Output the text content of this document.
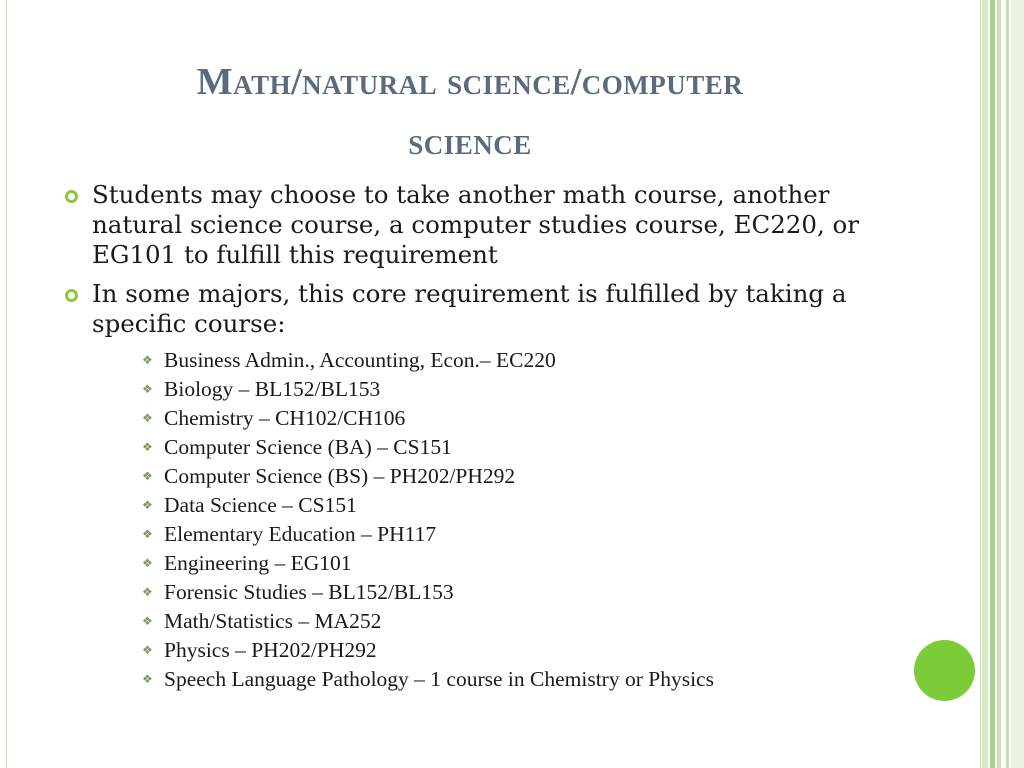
Math/natural science/computer
science
Students may choose to take another math course, another natural science course, a computer studies course, EC220, or EG101 to fulfill this requirement
In some majors, this core requirement is fulfilled by taking a specific course:
❖ Business Admin., Accounting, Econ.– EC220
❖ Biology – BL152/BL153
❖ Chemistry – CH102/CH106
❖ Computer Science (BA) – CS151
❖ Computer Science (BS) – PH202/PH292
❖ Data Science – CS151
❖ Elementary Education – PH117
❖ Engineering – EG101
❖ Forensic Studies – BL152/BL153
❖ Math/Statistics – MA252
❖ Physics – PH202/PH292
❖ Speech Language Pathology – 1 course in Chemistry or Physics
